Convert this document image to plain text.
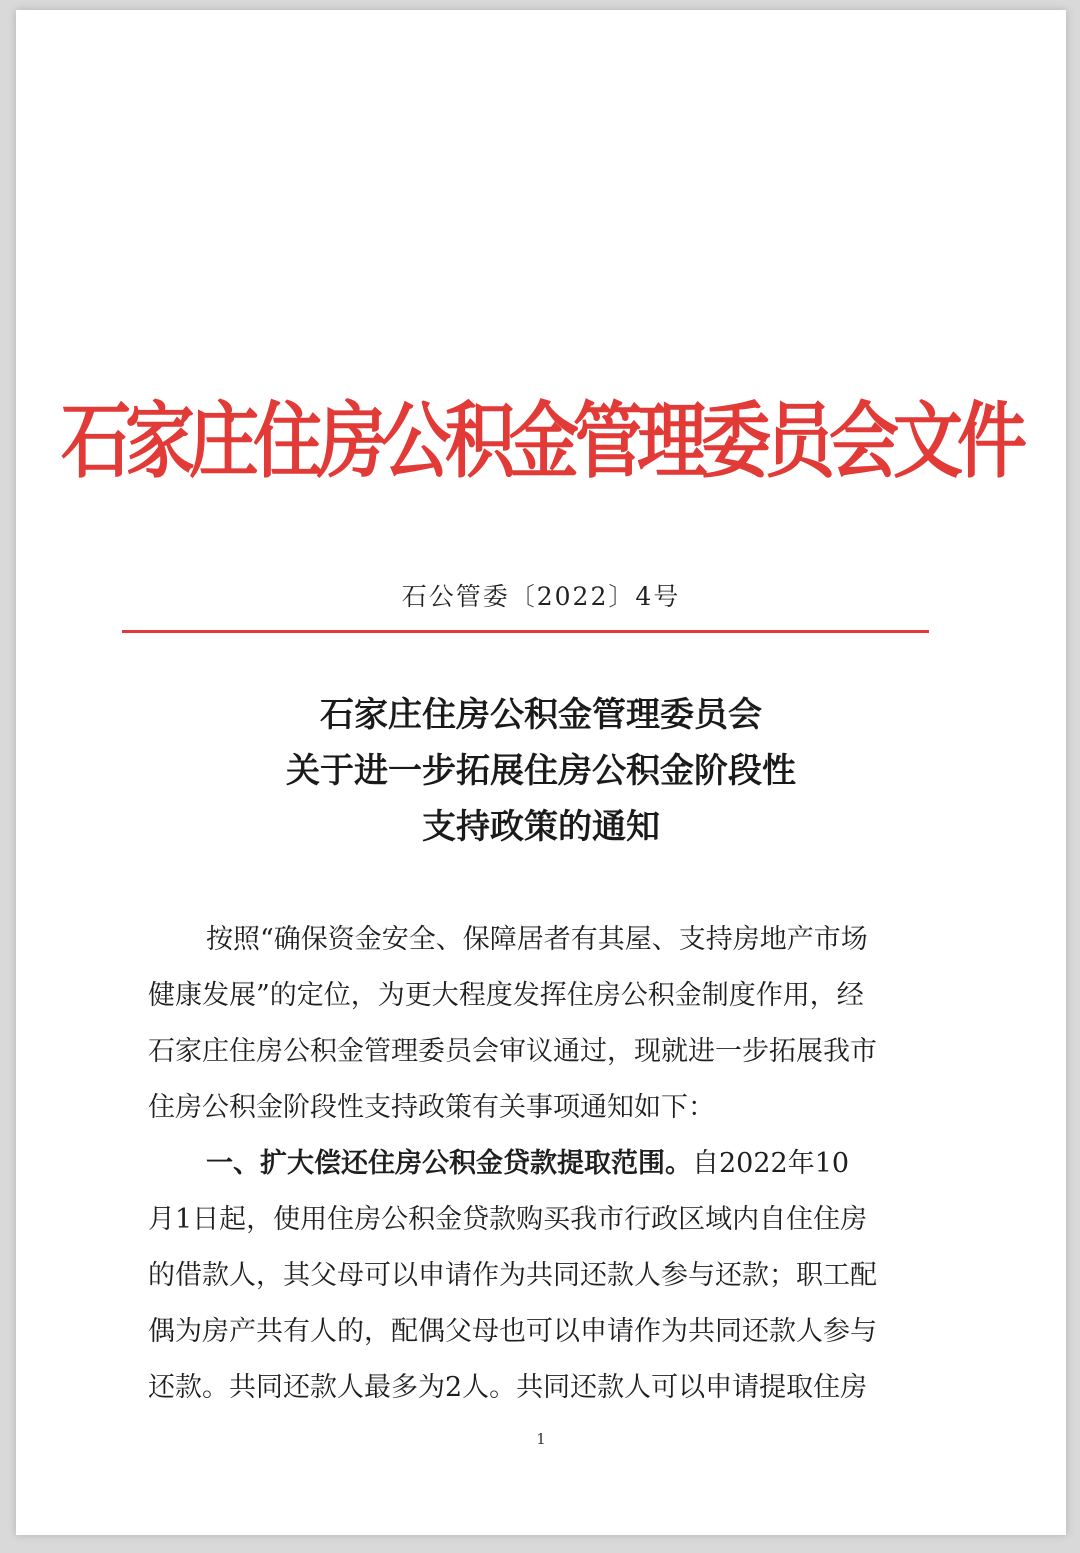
石家庄住房公积金管理委员会文件
石公管委〔2022〕4号
石家庄住房公积金管理委员会
关于进一步拓展住房公积金阶段性
支持政策的通知
按照“确保资金安全、保障居者有其屋、支持房地产市场
健康发展”的定位，为更大程度发挥住房公积金制度作用，经
石家庄住房公积金管理委员会审议通过，现就进一步拓展我市
住房公积金阶段性支持政策有关事项通知如下：
一、扩大偿还住房公积金贷款提取范围。自2022年10
月1日起，使用住房公积金贷款购买我市行政区域内自住住房
的借款人，其父母可以申请作为共同还款人参与还款；职工配
偶为房产共有人的，配偶父母也可以申请作为共同还款人参与
还款。共同还款人最多为2人。共同还款人可以申请提取住房
1
